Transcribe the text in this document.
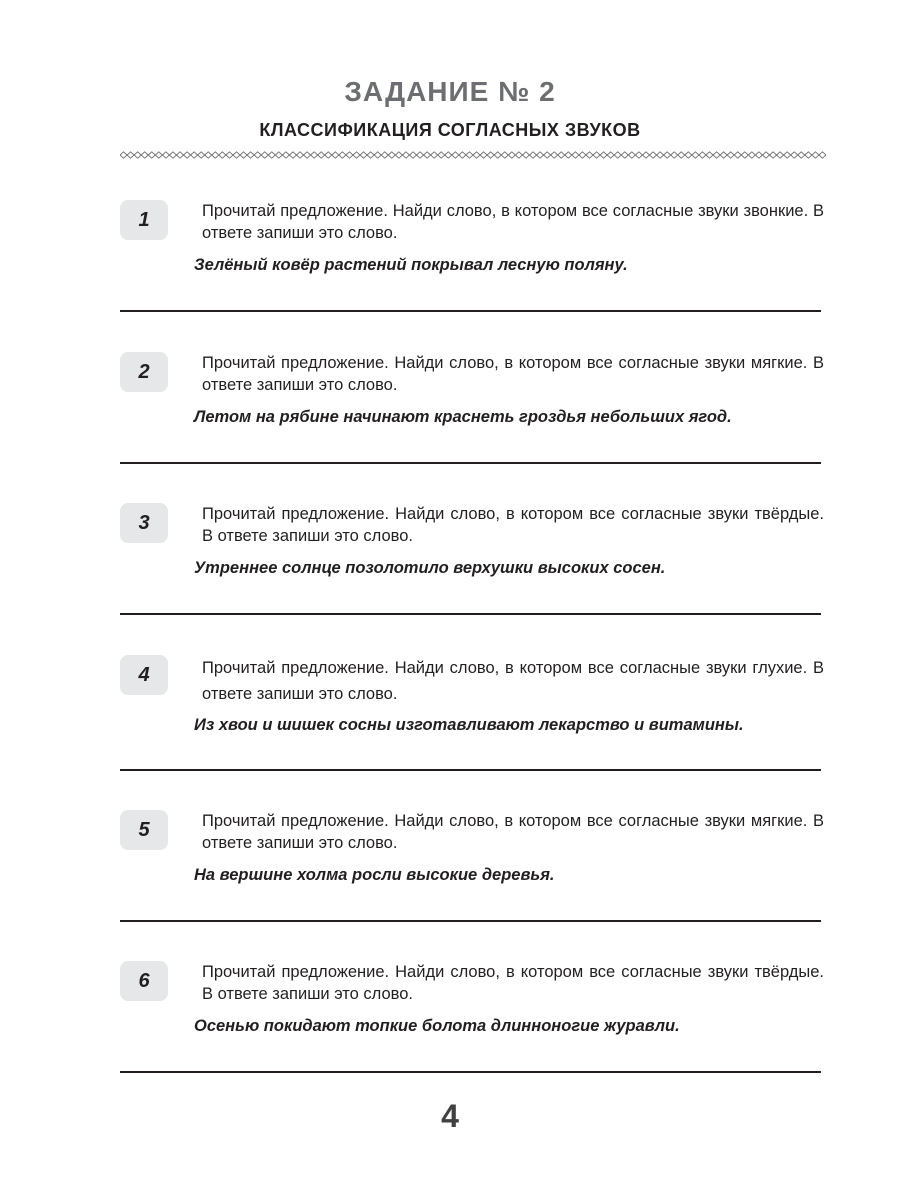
ЗАДАНИЕ № 2
КЛАССИФИКАЦИЯ СОГЛАСНЫХ ЗВУКОВ
1	Прочитай предложение. Найди слово, в котором все согласные звуки звонкие. В ответе запиши это слово.
Зелёный ковёр растений покрывал лесную поляну.
2	Прочитай предложение. Найди слово, в котором все согласные звуки мягкие. В ответе запиши это слово.
Летом на рябине начинают краснеть гроздья небольших ягод.
3	Прочитай предложение. Найди слово, в котором все согласные звуки твёрдые. В ответе запиши это слово.
Утреннее солнце позолотило верхушки высоких сосен.
4	Прочитай предложение. Найди слово, в котором все согласные звуки глухие. В ответе запиши это слово.
Из хвои и шишек сосны изготавливают лекарство и витамины.
5	Прочитай предложение. Найди слово, в котором все согласные звуки мягкие. В ответе запиши это слово.
На вершине холма росли высокие деревья.
6	Прочитай предложение. Найди слово, в котором все согласные звуки твёрдые. В ответе запиши это слово.
Осенью покидают топкие болота длинноногие журавли.
4
